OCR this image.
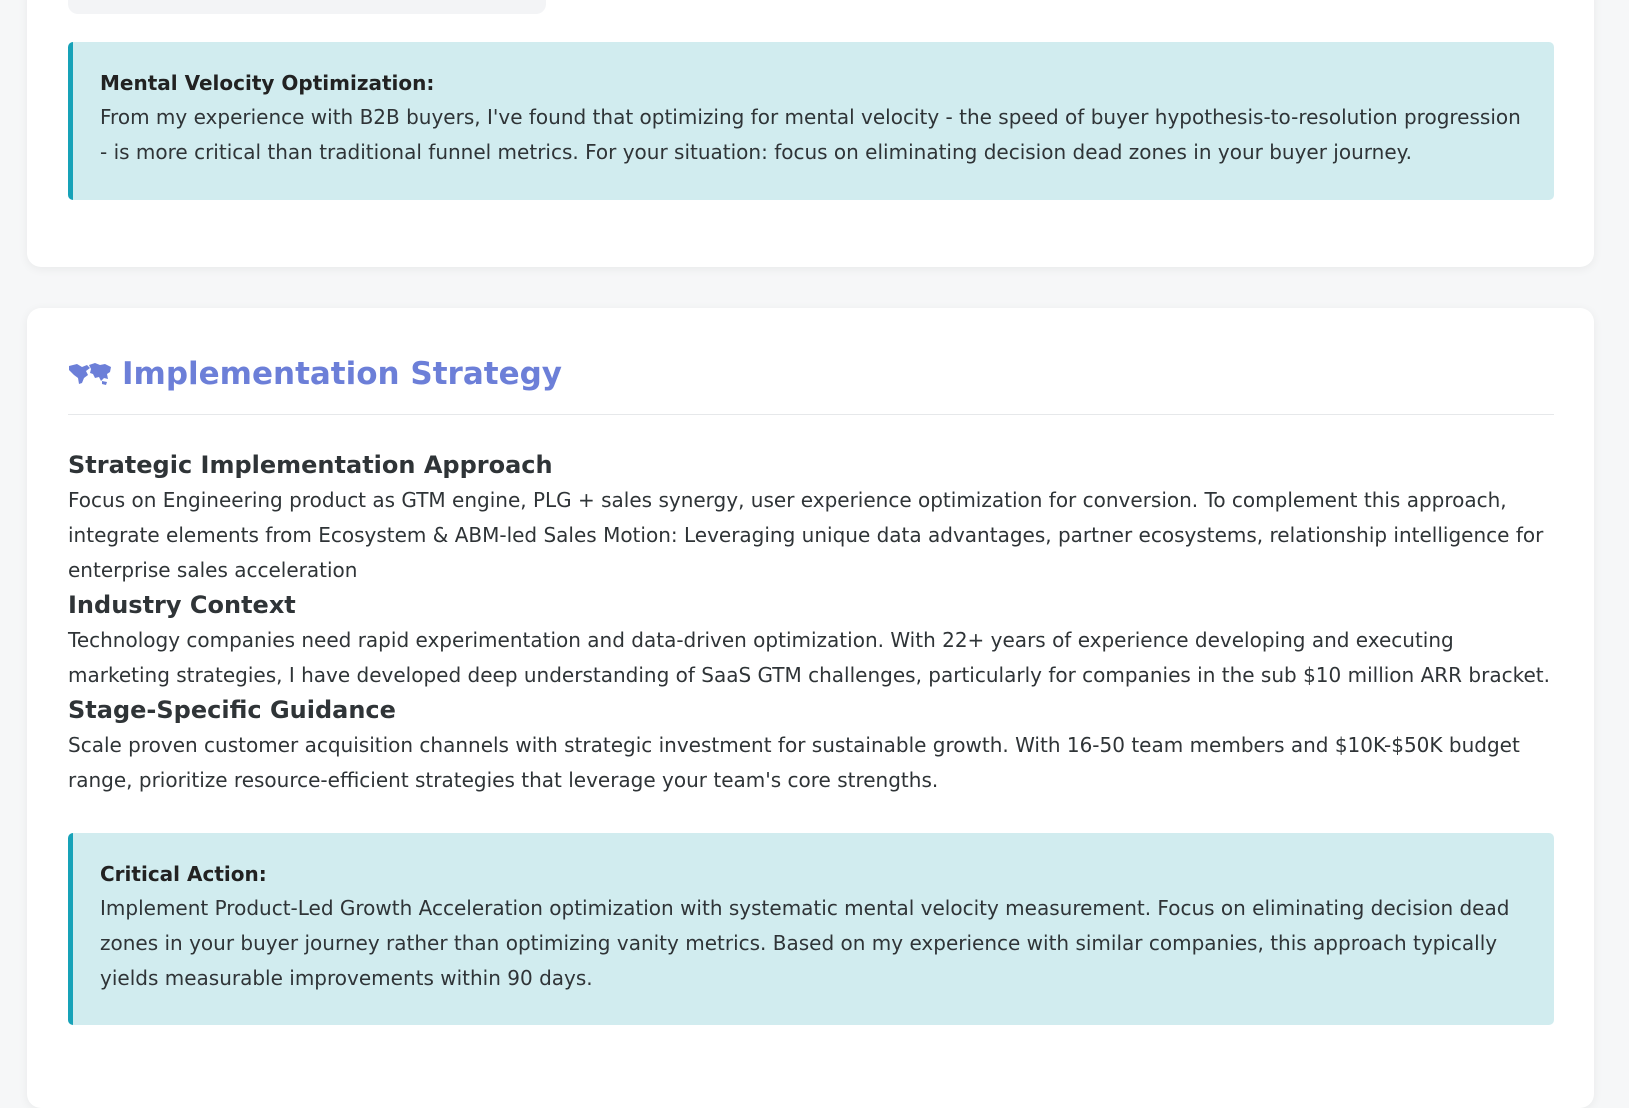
Mental Velocity Optimization:

From my experience with B2B buyers, I've found that optimizing for mental velocity - the speed of buyer hypothesis-to-resolution progression - is more critical than traditional funnel metrics. For your situation: focus on eliminating decision dead zones in your buyer journey.

Implementation Strategy
Strategic Implementation Approach

Focus on Engineering product as GTM engine, PLG + sales synergy, user experience optimization for conversion. To complement this approach, integrate elements from Ecosystem & ABM-led Sales Motion: Leveraging unique data advantages, partner ecosystems, relationship intelligence for enterprise sales acceleration

Industry Context

Technology companies need rapid experimentation and data-driven optimization. With 22+ years of experience developing and executing marketing strategies, I have developed deep understanding of SaaS GTM challenges, particularly for companies in the sub $10 million ARR bracket.

Stage-Specific Guidance

Scale proven customer acquisition channels with strategic investment for sustainable growth. With 16-50 team members and $10K-$50K budget range, prioritize resource-efficient strategies that leverage your team's core strengths.

Critical Action:

Implement Product-Led Growth Acceleration optimization with systematic mental velocity measurement. Focus on eliminating decision dead zones in your buyer journey rather than optimizing vanity metrics. Based on my experience with similar companies, this approach typically yields measurable improvements within 90 days.
